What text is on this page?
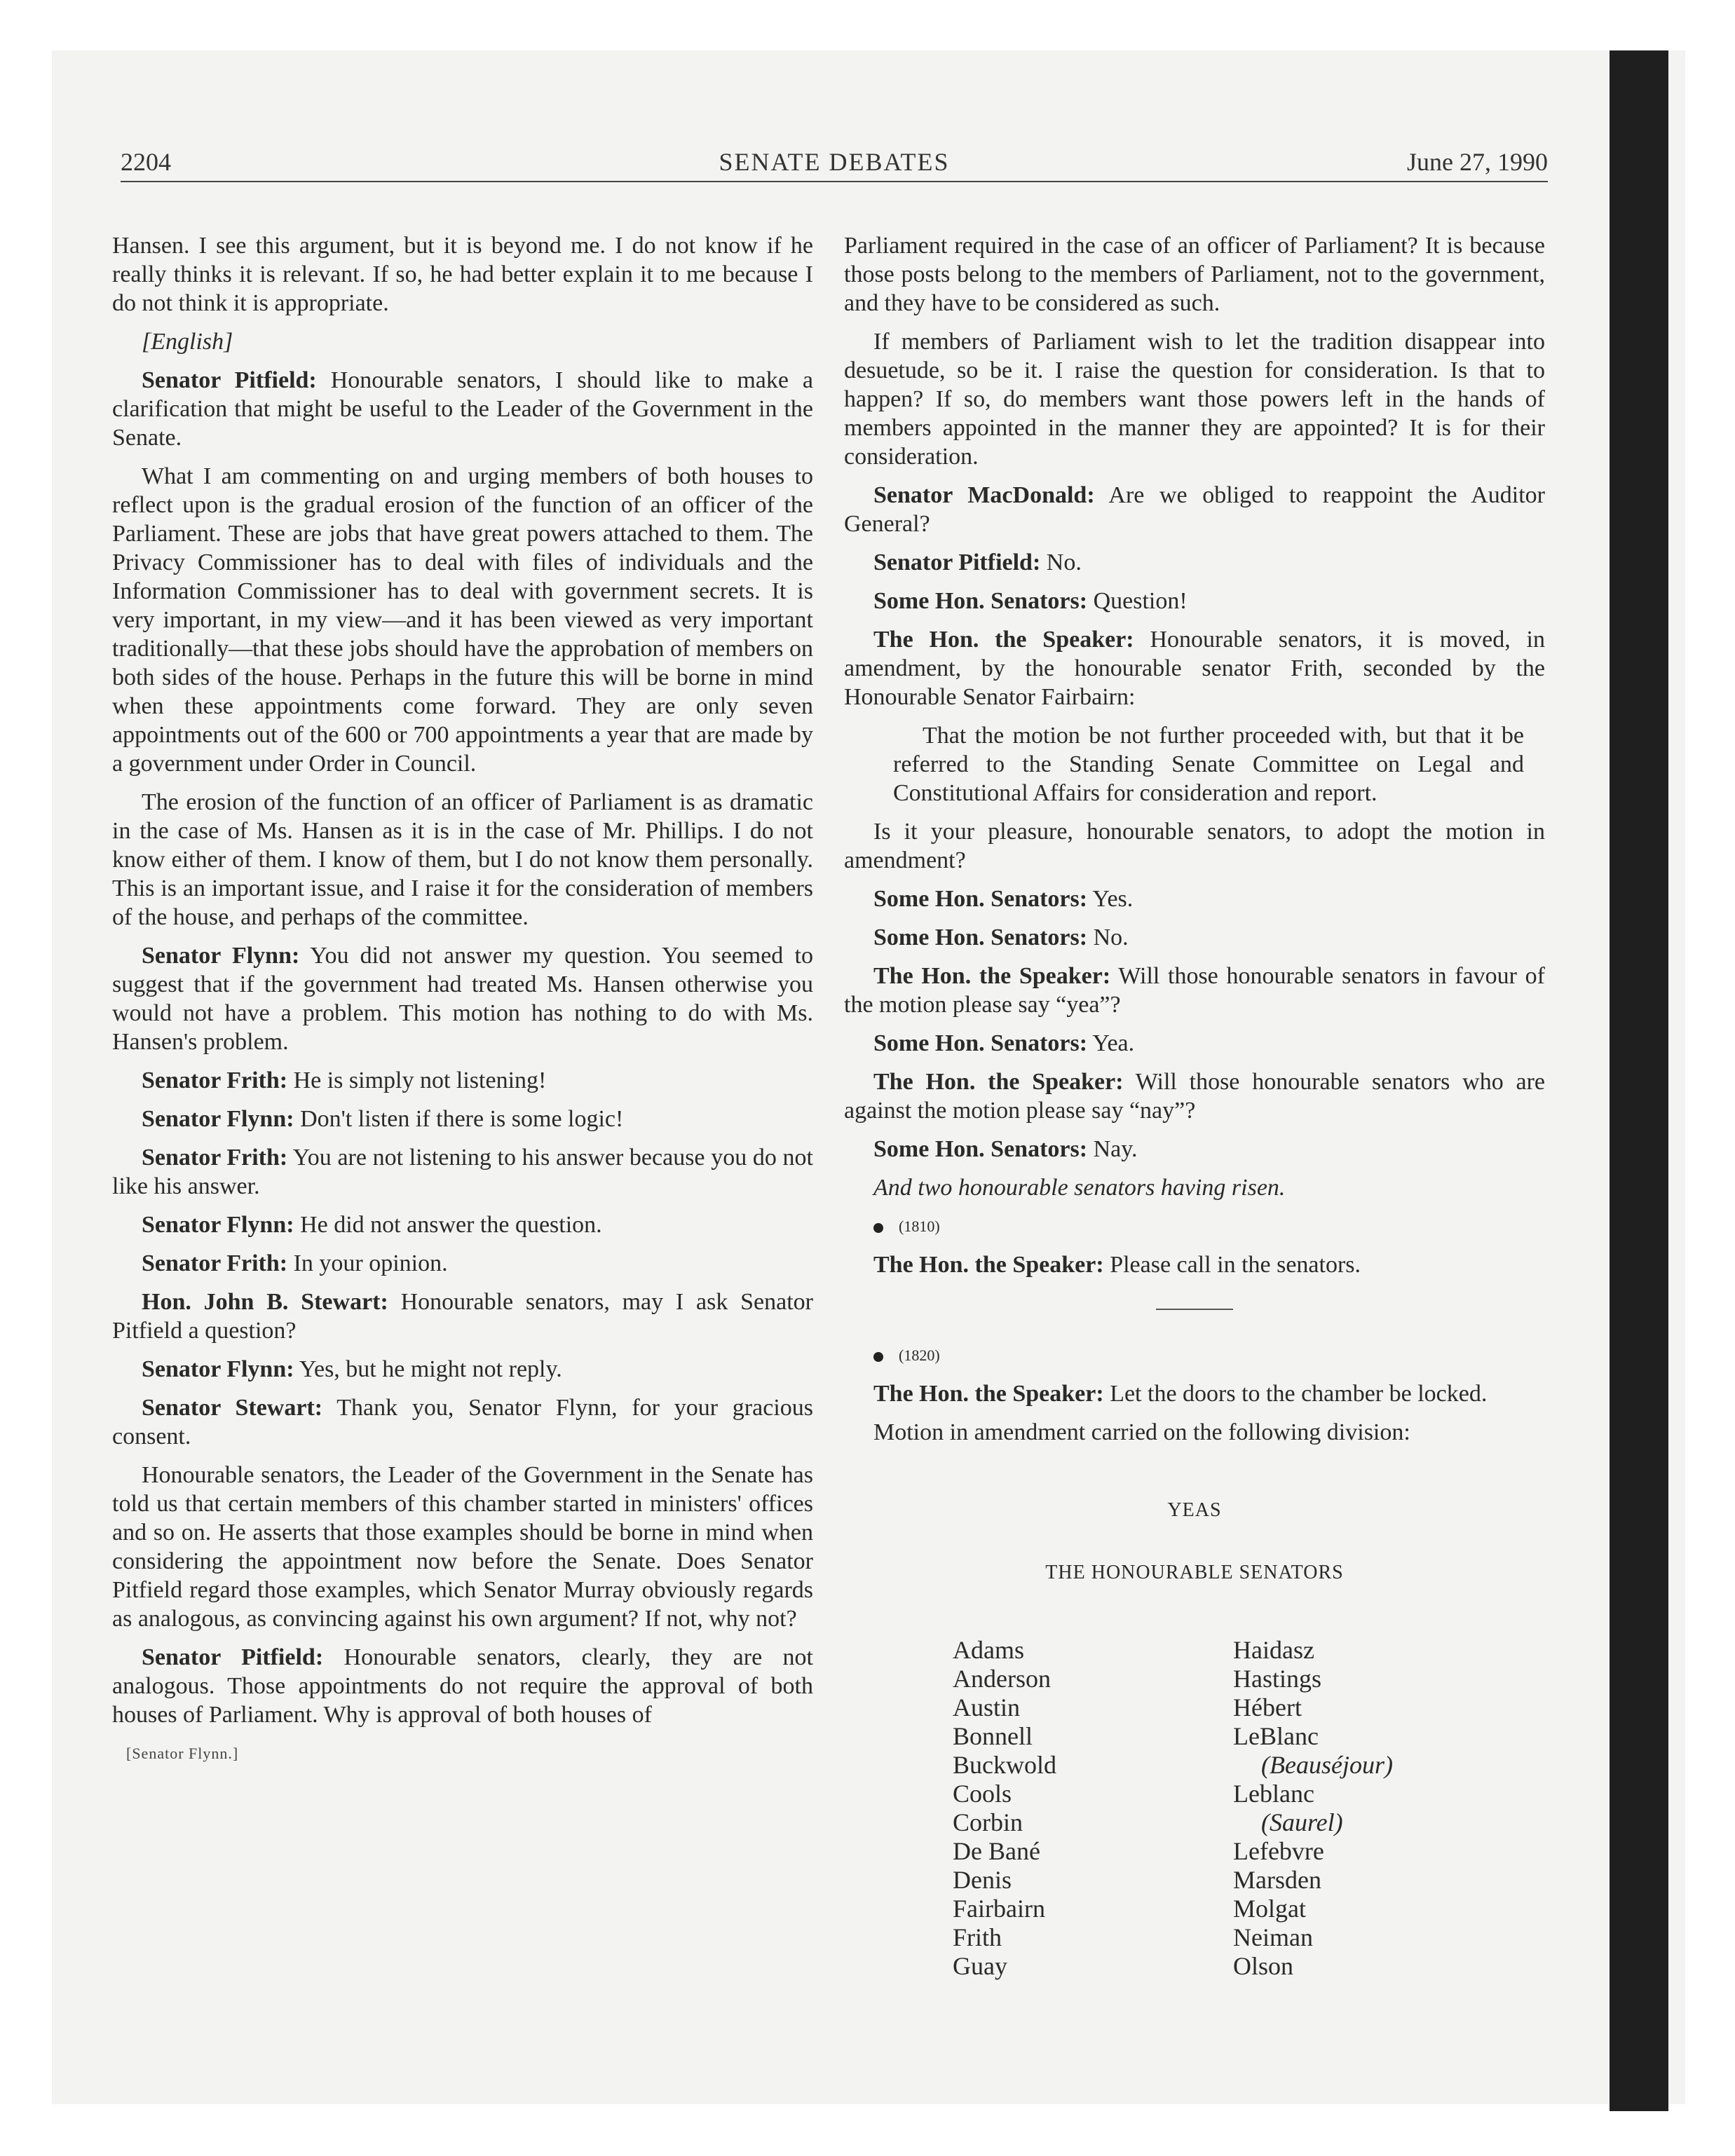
2204	SENATE DEBATES	June 27, 1990

Hansen. I see this argument, but it is beyond me. I do not know if he really thinks it is relevant. If so, he had better explain it to me because I do not think it is appropriate.

[English]

Senator Pitfield: Honourable senators, I should like to make a clarification that might be useful to the Leader of the Government in the Senate.

What I am commenting on and urging members of both houses to reflect upon is the gradual erosion of the function of an officer of the Parliament. These are jobs that have great powers attached to them. The Privacy Commissioner has to deal with files of individuals and the Information Commissioner has to deal with government secrets. It is very important, in my view—and it has been viewed as very important traditionally—that these jobs should have the approbation of members on both sides of the house. Perhaps in the future this will be borne in mind when these appointments come forward. They are only seven appointments out of the 600 or 700 appointments a year that are made by a government under Order in Council.

The erosion of the function of an officer of Parliament is as dramatic in the case of Ms. Hansen as it is in the case of Mr. Phillips. I do not know either of them. I know of them, but I do not know them personally. This is an important issue, and I raise it for the consideration of members of the house, and perhaps of the committee.

Senator Flynn: You did not answer my question. You seemed to suggest that if the government had treated Ms. Hansen otherwise you would not have a problem. This motion has nothing to do with Ms. Hansen's problem.

Senator Frith: He is simply not listening!

Senator Flynn: Don't listen if there is some logic!

Senator Frith: You are not listening to his answer because you do not like his answer.

Senator Flynn: He did not answer the question.

Senator Frith: In your opinion.

Hon. John B. Stewart: Honourable senators, may I ask Senator Pitfield a question?

Senator Flynn: Yes, but he might not reply.

Senator Stewart: Thank you, Senator Flynn, for your gracious consent.

Honourable senators, the Leader of the Government in the Senate has told us that certain members of this chamber started in ministers' offices and so on. He asserts that those examples should be borne in mind when considering the appointment now before the Senate. Does Senator Pitfield regard those examples, which Senator Murray obviously regards as analogous, as convincing against his own argument? If not, why not?

Senator Pitfield: Honourable senators, clearly, they are not analogous. Those appointments do not require the approval of both houses of Parliament. Why is approval of both houses of

[Senator Flynn.]

Parliament required in the case of an officer of Parliament? It is because those posts belong to the members of Parliament, not to the government, and they have to be considered as such.

If members of Parliament wish to let the tradition disappear into desuetude, so be it. I raise the question for consideration. Is that to happen? If so, do members want those powers left in the hands of members appointed in the manner they are appointed? It is for their consideration.

Senator MacDonald: Are we obliged to reappoint the Auditor General?

Senator Pitfield: No.

Some Hon. Senators: Question!

The Hon. the Speaker: Honourable senators, it is moved, in amendment, by the honourable senator Frith, seconded by the Honourable Senator Fairbairn:

That the motion be not further proceeded with, but that it be referred to the Standing Senate Committee on Legal and Constitutional Affairs for consideration and report.

Is it your pleasure, honourable senators, to adopt the motion in amendment?

Some Hon. Senators: Yes.

Some Hon. Senators: No.

The Hon. the Speaker: Will those honourable senators in favour of the motion please say “yea”?

Some Hon. Senators: Yea.

The Hon. the Speaker: Will those honourable senators who are against the motion please say “nay”?

Some Hon. Senators: Nay.

And two honourable senators having risen.

(1810)

The Hon. the Speaker: Please call in the senators.

(1820)

The Hon. the Speaker: Let the doors to the chamber be locked.

Motion in amendment carried on the following division:

YEAS
THE HONOURABLE SENATORS
Adams
Anderson
Austin
Bonnell
Buckwold
Cools
Corbin
De Bané
Denis
Fairbairn
Frith
Guay
Haidasz
Hastings
Hébert
LeBlanc
(Beauséjour)
Leblanc
(Saurel)
Lefebvre
Marsden
Molgat
Neiman
Olson
